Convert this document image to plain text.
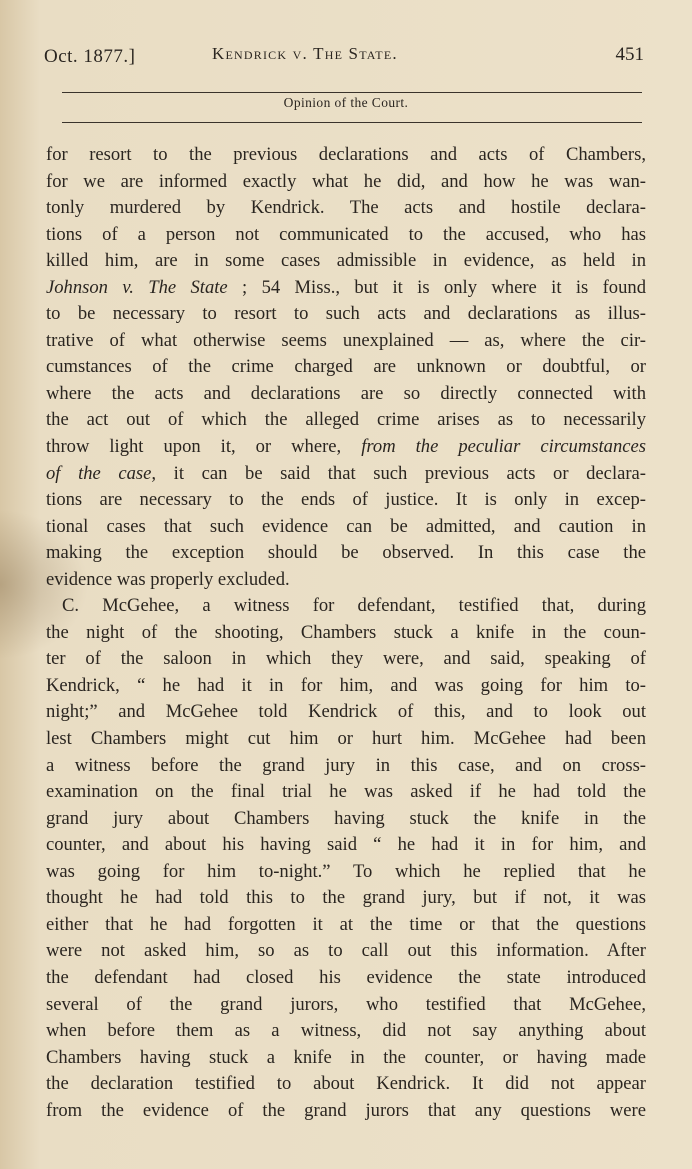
Oct. 1877.]	Kendrick v. The State.	451
Opinion of the Court.
for resort to the previous declarations and acts of Chambers,
for we are informed exactly what he did, and how he was wan-
tonly murdered by Kendrick. The acts and hostile declara-
tions of a person not communicated to the accused, who has
killed him, are in some cases admissible in evidence, as held in
Johnson v. The State ; 54 Miss., but it is only where it is found
to be necessary to resort to such acts and declarations as illus-
trative of what otherwise seems unexplained — as, where the cir-
cumstances of the crime charged are unknown or doubtful, or
where the acts and declarations are so directly connected with
the act out of which the alleged crime arises as to necessarily
throw light upon it, or where, from the peculiar circumstances
of the case, it can be said that such previous acts or declara-
tions are necessary to the ends of justice. It is only in excep-
tional cases that such evidence can be admitted, and caution in
making the exception should be observed. In this case the
evidence was properly excluded.
C. McGehee, a witness for defendant, testified that, during
the night of the shooting, Chambers stuck a knife in the coun-
ter of the saloon in which they were, and said, speaking of
Kendrick, “ he had it in for him, and was going for him to-
night;” and McGehee told Kendrick of this, and to look out
lest Chambers might cut him or hurt him. McGehee had been
a witness before the grand jury in this case, and on cross-
examination on the final trial he was asked if he had told the
grand jury about Chambers having stuck the knife in the
counter, and about his having said “ he had it in for him, and
was going for him to-night.” To which he replied that he
thought he had told this to the grand jury, but if not, it was
either that he had forgotten it at the time or that the questions
were not asked him, so as to call out this information. After
the defendant had closed his evidence the state introduced
several of the grand jurors, who testified that McGehee,
when before them as a witness, did not say anything about
Chambers having stuck a knife in the counter, or having made
the declaration testified to about Kendrick. It did not appear
from the evidence of the grand jurors that any questions were
